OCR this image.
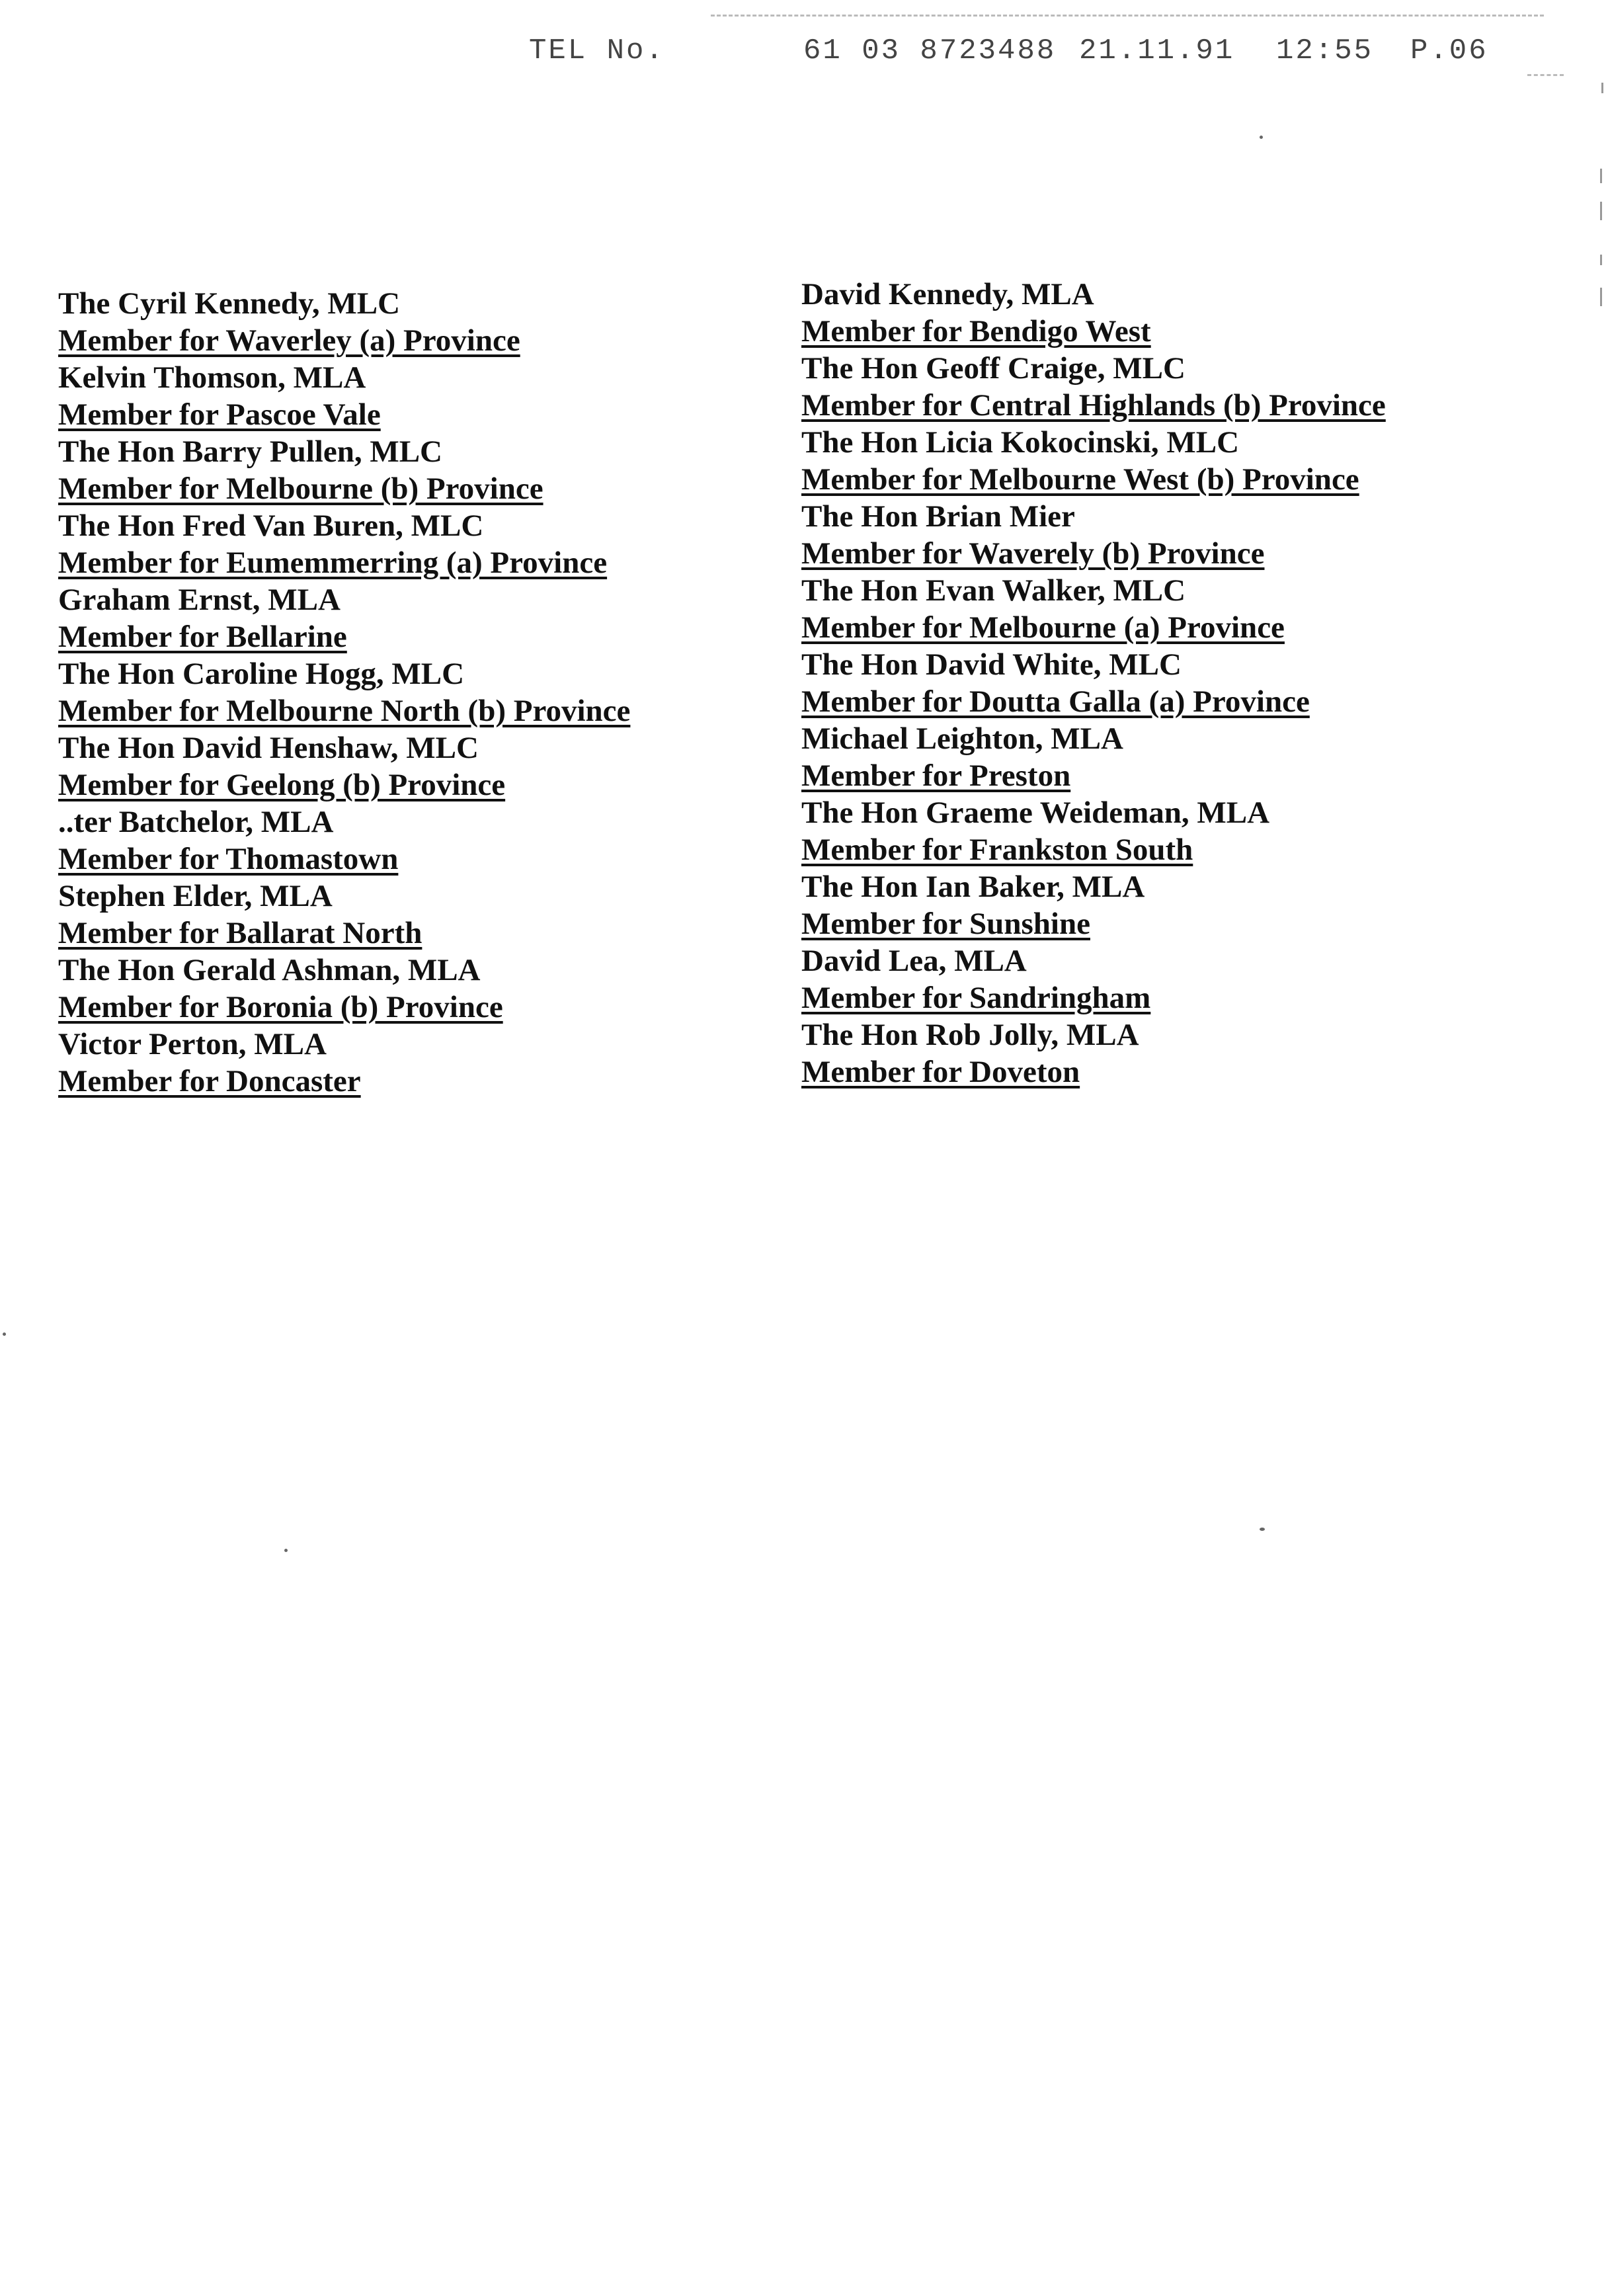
TEL No.	61 03 8723488 21.11.91 12:55 P.06
The Cyril Kennedy, MLC
Member for Waverley (a) Province
Kelvin Thomson, MLA
Member for Pascoe Vale
The Hon Barry Pullen, MLC
Member for Melbourne (b) Province
The Hon Fred Van Buren, MLC
Member for Eumemmerring (a) Province
Graham Ernst, MLA
Member for Bellarine
The Hon Caroline Hogg, MLC
Member for Melbourne North (b) Province
The Hon David Henshaw, MLC
Member for Geelong (b) Province
..ter Batchelor, MLA
Member for Thomastown
Stephen Elder, MLA
Member for Ballarat North
The Hon Gerald Ashman, MLA
Member for Boronia (b) Province
Victor Perton, MLA
Member for Doncaster
David Kennedy, MLA
Member for Bendigo West
The Hon Geoff Craige, MLC
Member for Central Highlands (b) Province
The Hon Licia Kokocinski, MLC
Member for Melbourne West (b) Province
The Hon Brian Mier
Member for Waverely (b) Province
The Hon Evan Walker, MLC
Member for Melbourne (a) Province
The Hon David White, MLC
Member for Doutta Galla (a) Province
Michael Leighton, MLA
Member for Preston
The Hon Graeme Weideman, MLA
Member for Frankston South
The Hon Ian Baker, MLA
Member for Sunshine
David Lea, MLA
Member for Sandringham
The Hon Rob Jolly, MLA
Member for Doveton
